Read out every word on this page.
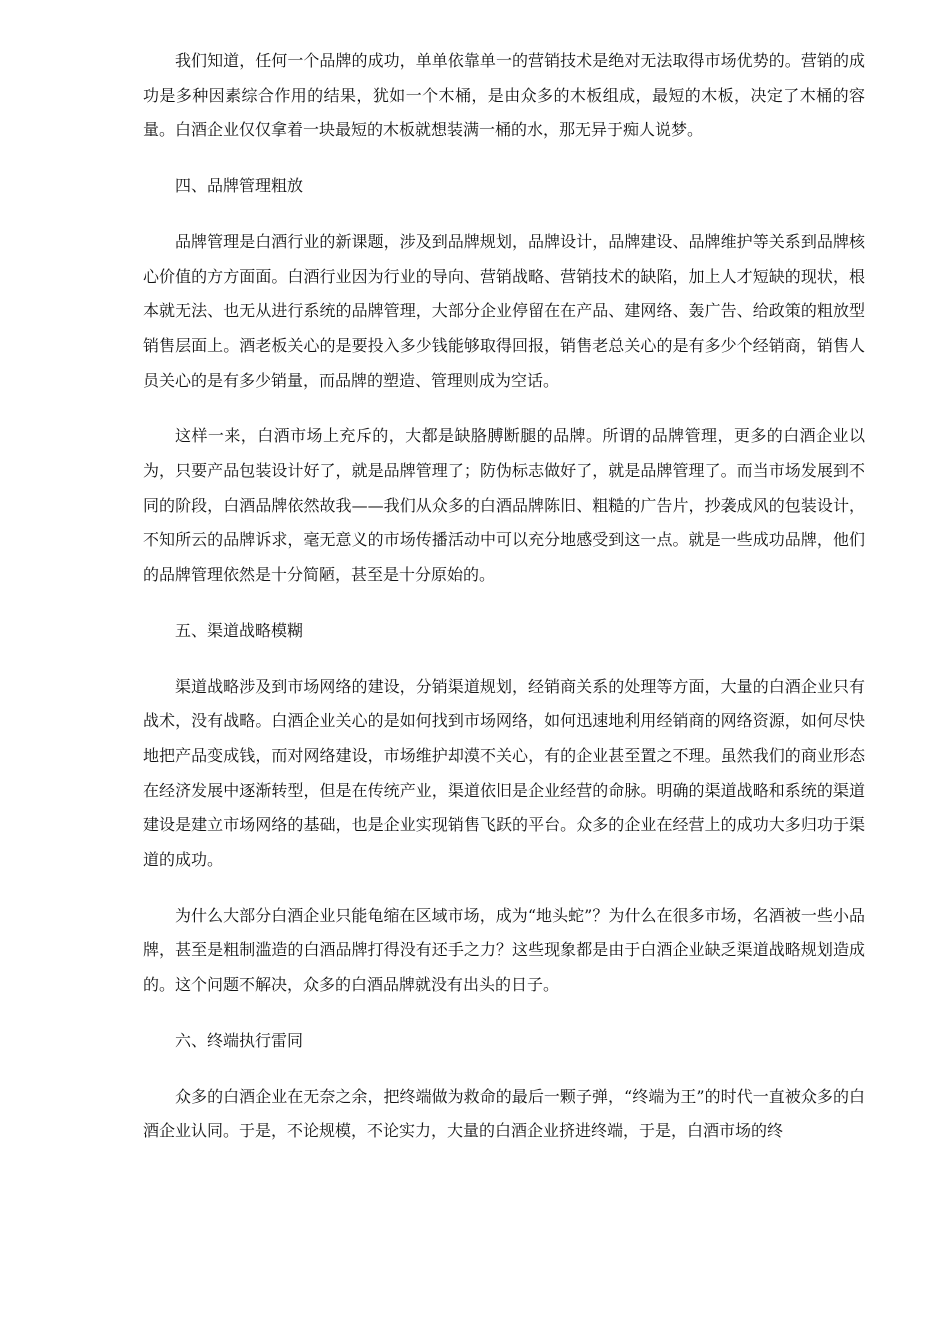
我们知道，任何一个品牌的成功，单单依靠单一的营销技术是绝对无法取得市场优势的。营销的成功是多种因素综合作用的结果，犹如一个木桶，是由众多的木板组成，最短的木板，决定了木桶的容量。白酒企业仅仅拿着一块最短的木板就想装满一桶的水，那无异于痴人说梦。

四、品牌管理粗放

品牌管理是白酒行业的新课题，涉及到品牌规划，品牌设计，品牌建设、品牌维护等关系到品牌核心价值的方方面面。白酒行业因为行业的导向、营销战略、营销技术的缺陷，加上人才短缺的现状，根本就无法、也无从进行系统的品牌管理，大部分企业停留在在产品、建网络、轰广告、给政策的粗放型销售层面上。酒老板关心的是要投入多少钱能够取得回报，销售老总关心的是有多少个经销商，销售人员关心的是有多少销量，而品牌的塑造、管理则成为空话。

这样一来，白酒市场上充斥的，大都是缺胳膊断腿的品牌。所谓的品牌管理，更多的白酒企业以为，只要产品包装设计好了，就是品牌管理了；防伪标志做好了，就是品牌管理了。而当市场发展到不同的阶段，白酒品牌依然故我——我们从众多的白酒品牌陈旧、粗糙的广告片，抄袭成风的包装设计，不知所云的品牌诉求，毫无意义的市场传播活动中可以充分地感受到这一点。就是一些成功品牌，他们的品牌管理依然是十分简陋，甚至是十分原始的。

五、渠道战略模糊

渠道战略涉及到市场网络的建设，分销渠道规划，经销商关系的处理等方面，大量的白酒企业只有战术，没有战略。白酒企业关心的是如何找到市场网络，如何迅速地利用经销商的网络资源，如何尽快地把产品变成钱，而对网络建设，市场维护却漠不关心，有的企业甚至置之不理。虽然我们的商业形态在经济发展中逐渐转型，但是在传统产业，渠道依旧是企业经营的命脉。明确的渠道战略和系统的渠道建设是建立市场网络的基础，也是企业实现销售飞跃的平台。众多的企业在经营上的成功大多归功于渠道的成功。

为什么大部分白酒企业只能龟缩在区域市场，成为“地头蛇”？为什么在很多市场，名酒被一些小品牌，甚至是粗制滥造的白酒品牌打得没有还手之力？这些现象都是由于白酒企业缺乏渠道战略规划造成的。这个问题不解决，众多的白酒品牌就没有出头的日子。

六、终端执行雷同

众多的白酒企业在无奈之余，把终端做为救命的最后一颗子弹，“终端为王”的时代一直被众多的白酒企业认同。于是，不论规模，不论实力，大量的白酒企业挤进终端，于是，白酒市场的终
